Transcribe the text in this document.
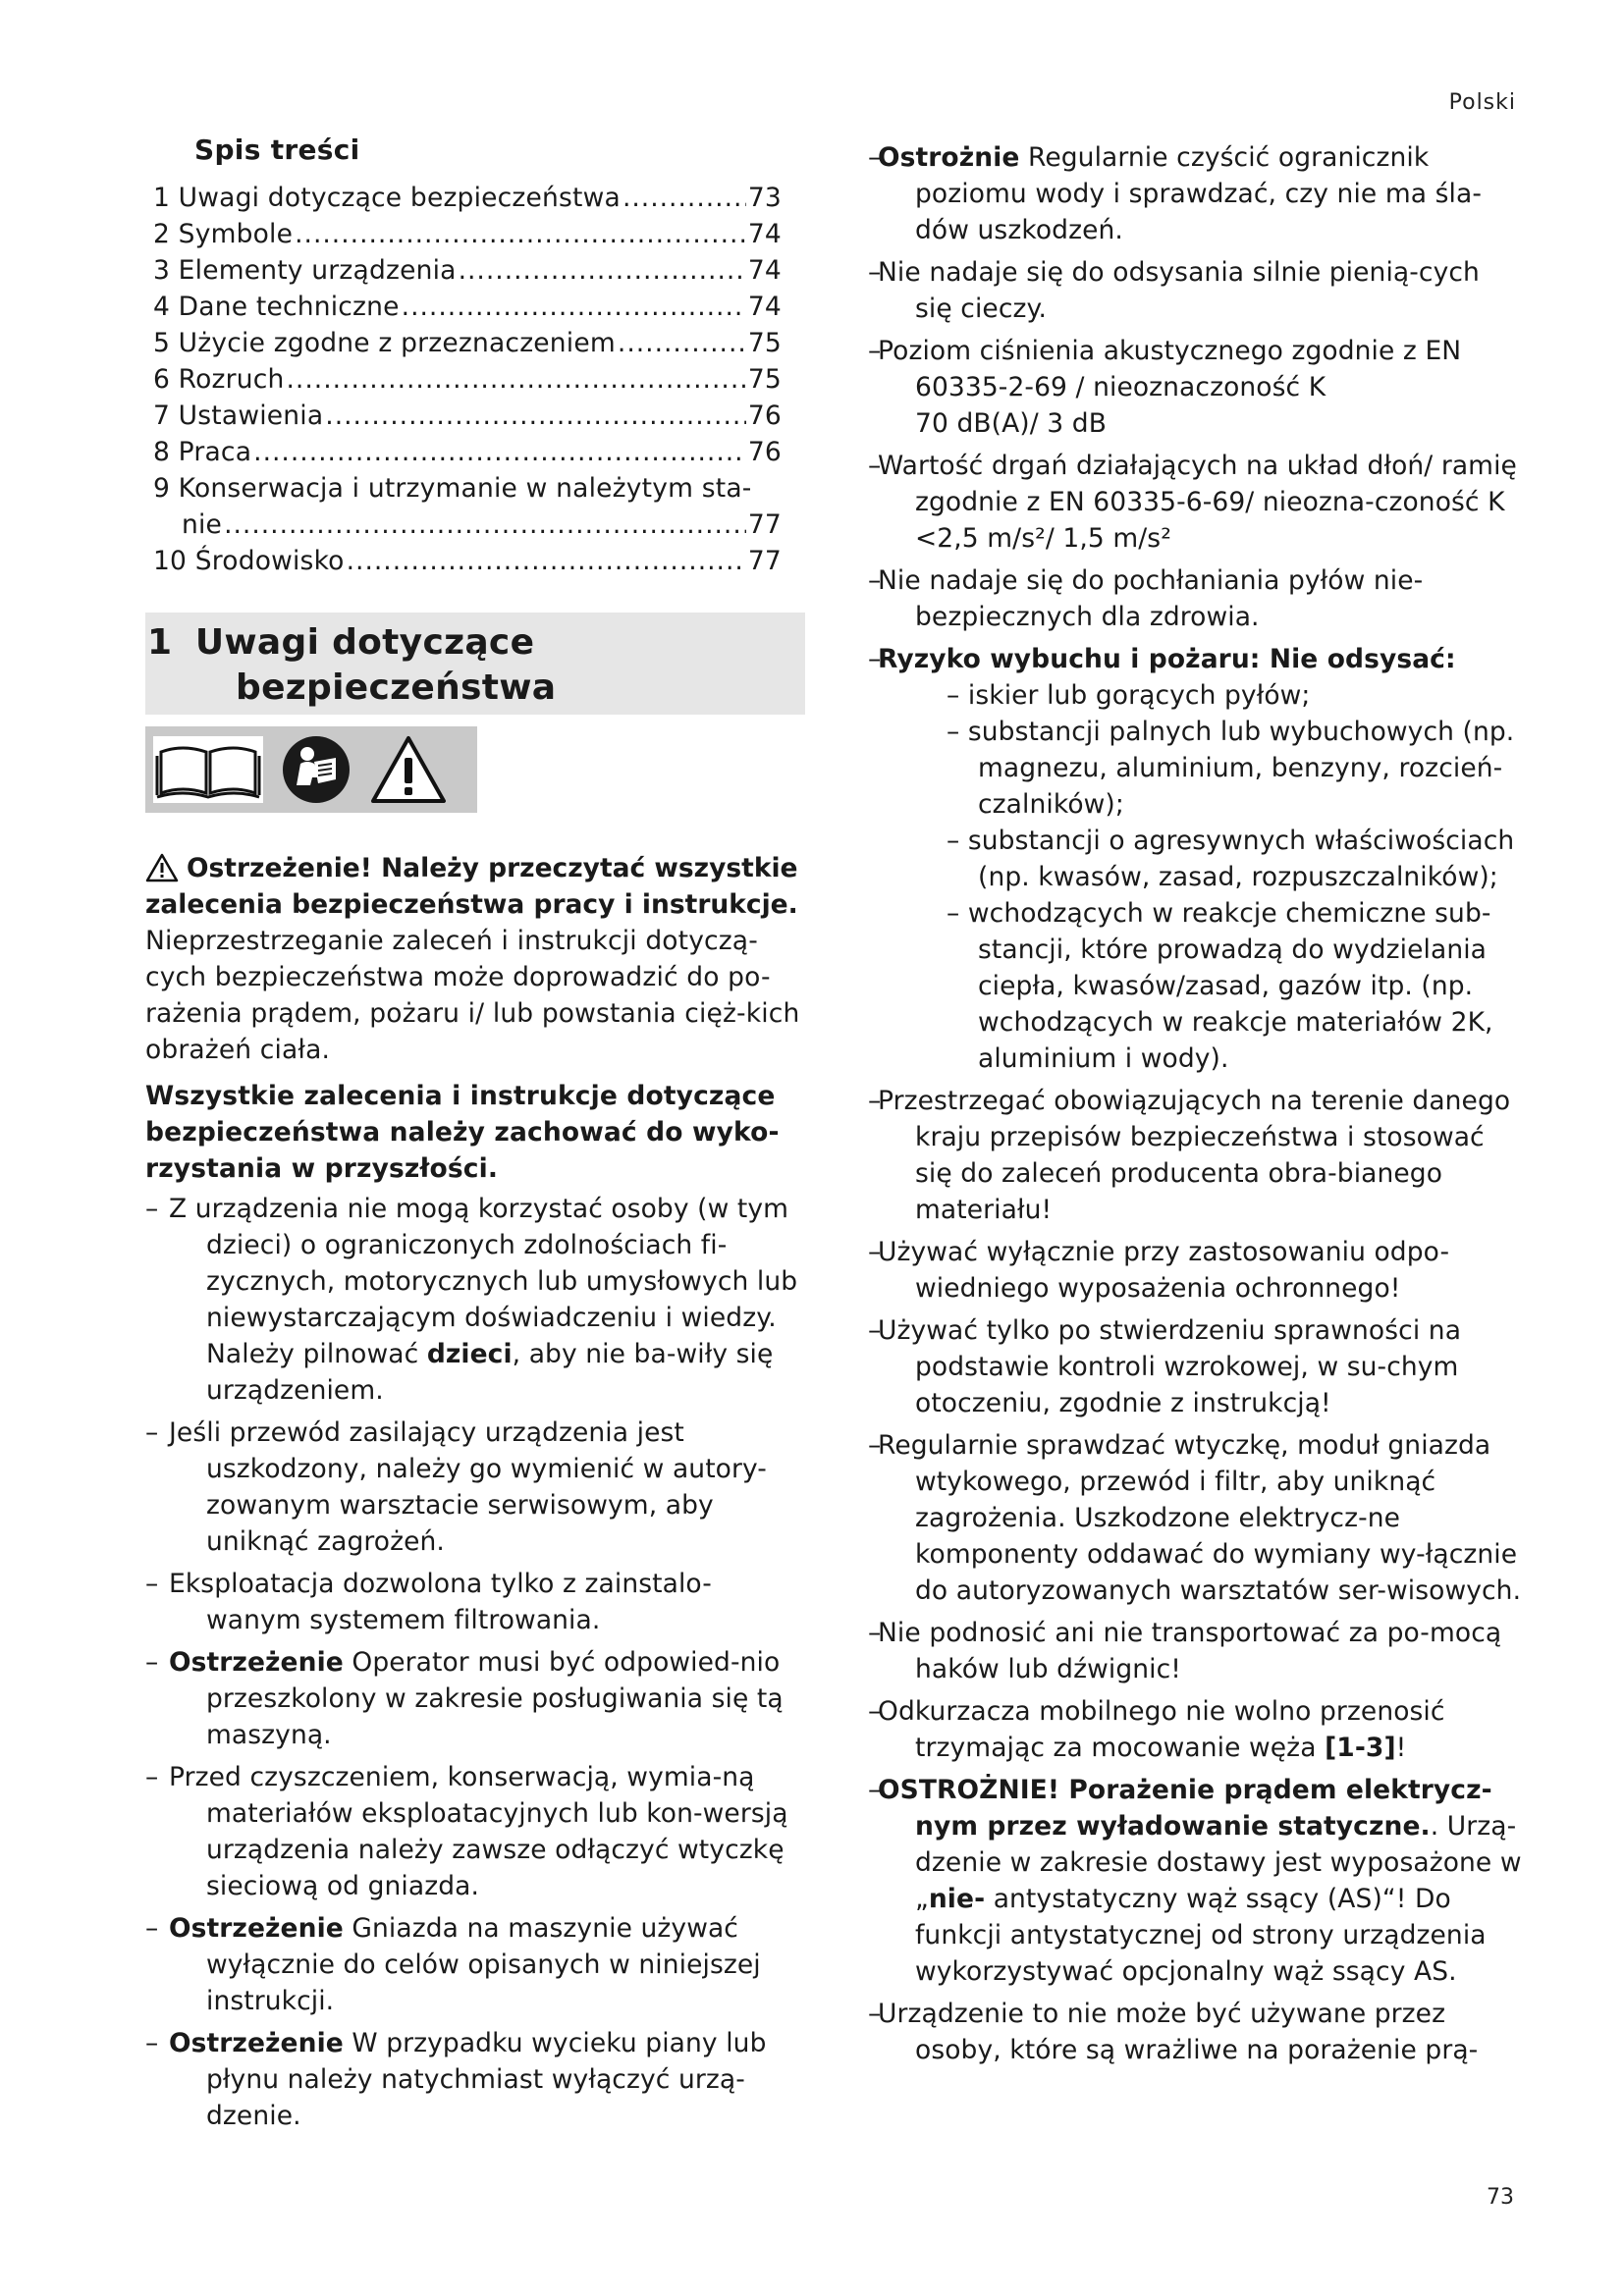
Polski
Spis treści
1 Uwagi dotyczące bezpieczeństwa .....	73
2 Symbole .....	74
3 Elementy urządzenia .....	74
4 Dane techniczne .....	74
5 Użycie zgodne z przeznaczeniem .....	75
6 Rozruch .....	75
7 Ustawienia .....	76
8 Praca .....	76
9 Konserwacja i utrzymanie w należytym sta-
nie .....	77
10 Środowisko .....	77
1 Uwagi dotyczące
bezpieczeństwa
Ostrzeżenie! Należy przeczytać wszystkie zalecenia bezpieczeństwa pracy i instrukcje.

Nieprzestrzeganie zaleceń i instrukcji dotyczą-cych bezpieczeństwa może doprowadzić do po-rażenia prądem, pożaru i/ lub powstania cięż-kich obrażeń ciała.

Wszystkie zalecenia i instrukcje dotyczące bezpieczeństwa należy zachować do wyko-rzystania w przyszłości.

– Z urządzenia nie mogą korzystać osoby (w tym dzieci) o ograniczonych zdolnościach fi-zycznych, motorycznych lub umysłowych lub niewystarczającym doświadczeniu i wiedzy. Należy pilnować dzieci, aby nie ba-wiły się urządzeniem.
– Jeśli przewód zasilający urządzenia jest uszkodzony, należy go wymienić w autory-zowanym warsztacie serwisowym, aby uniknąć zagrożeń.
– Eksploatacja dozwolona tylko z zainstalo-wanym systemem filtrowania.
– Ostrzeżenie Operator musi być odpowied-nio przeszkolony w zakresie posługiwania się tą maszyną.
– Przed czyszczeniem, konserwacją, wymia-ną materiałów eksploatacyjnych lub kon-wersją urządzenia należy zawsze odłączyć wtyczkę sieciową od gniazda.
– Ostrzeżenie Gniazda na maszynie używać wyłącznie do celów opisanych w niniejszej instrukcji.
– Ostrzeżenie W przypadku wycieku piany lub płynu należy natychmiast wyłączyć urzą-dzenie.
– Ostrożnie Regularnie czyścić ogranicznik poziomu wody i sprawdzać, czy nie ma śla-dów uszkodzeń.
– Nie nadaje się do odsysania silnie pienią-cych się cieczy.
– Poziom ciśnienia akustycznego zgodnie z EN 60335-2-69 / nieoznaczoność K
70 dB(A)/ 3 dB
– Wartość drgań działających na układ dłoń/ ramię zgodnie z EN 60335-6-69/ nieozna-czoność K
<2,5 m/s²/ 1,5 m/s²
– Nie nadaje się do pochłaniania pyłów nie-bezpiecznych dla zdrowia.
– Ryzyko wybuchu i pożaru: Nie odsysać:
– iskier lub gorących pyłów;
– substancji palnych lub wybuchowych (np. magnezu, aluminium, benzyny, rozcień-czalników);
– substancji o agresywnych właściwościach (np. kwasów, zasad, rozpuszczalników);
– wchodzących w reakcje chemiczne sub-stancji, które prowadzą do wydzielania ciepła, kwasów/zasad, gazów itp. (np. wchodzących w reakcje materiałów 2K, aluminium i wody).
– Przestrzegać obowiązujących na terenie danego kraju przepisów bezpieczeństwa i stosować się do zaleceń producenta obra-bianego materiału!
– Używać wyłącznie przy zastosowaniu odpo-wiedniego wyposażenia ochronnego!
– Używać tylko po stwierdzeniu sprawności na podstawie kontroli wzrokowej, w su-chym otoczeniu, zgodnie z instrukcją!
– Regularnie sprawdzać wtyczkę, moduł gniazda wtykowego, przewód i filtr, aby uniknąć zagrożenia. Uszkodzone elektrycz-ne komponenty oddawać do wymiany wy-łącznie do autoryzowanych warsztatów ser-wisowych.
– Nie podnosić ani nie transportować za po-mocą haków lub dźwignic!
– Odkurzacza mobilnego nie wolno przenosić trzymając za mocowanie węża [1-3]!
– OSTROŻNIE! Porażenie prądem elektrycz-nym przez wyładowanie statyczne.. Urzą-dzenie w zakresie dostawy jest wyposażone w „nie- antystatyczny wąż ssący (AS)“! Do funkcji antystatycznej od strony urządzenia wykorzystywać opcjonalny wąż ssący AS.
– Urządzenie to nie może być używane przez osoby, które są wrażliwe na porażenie prą-
73
